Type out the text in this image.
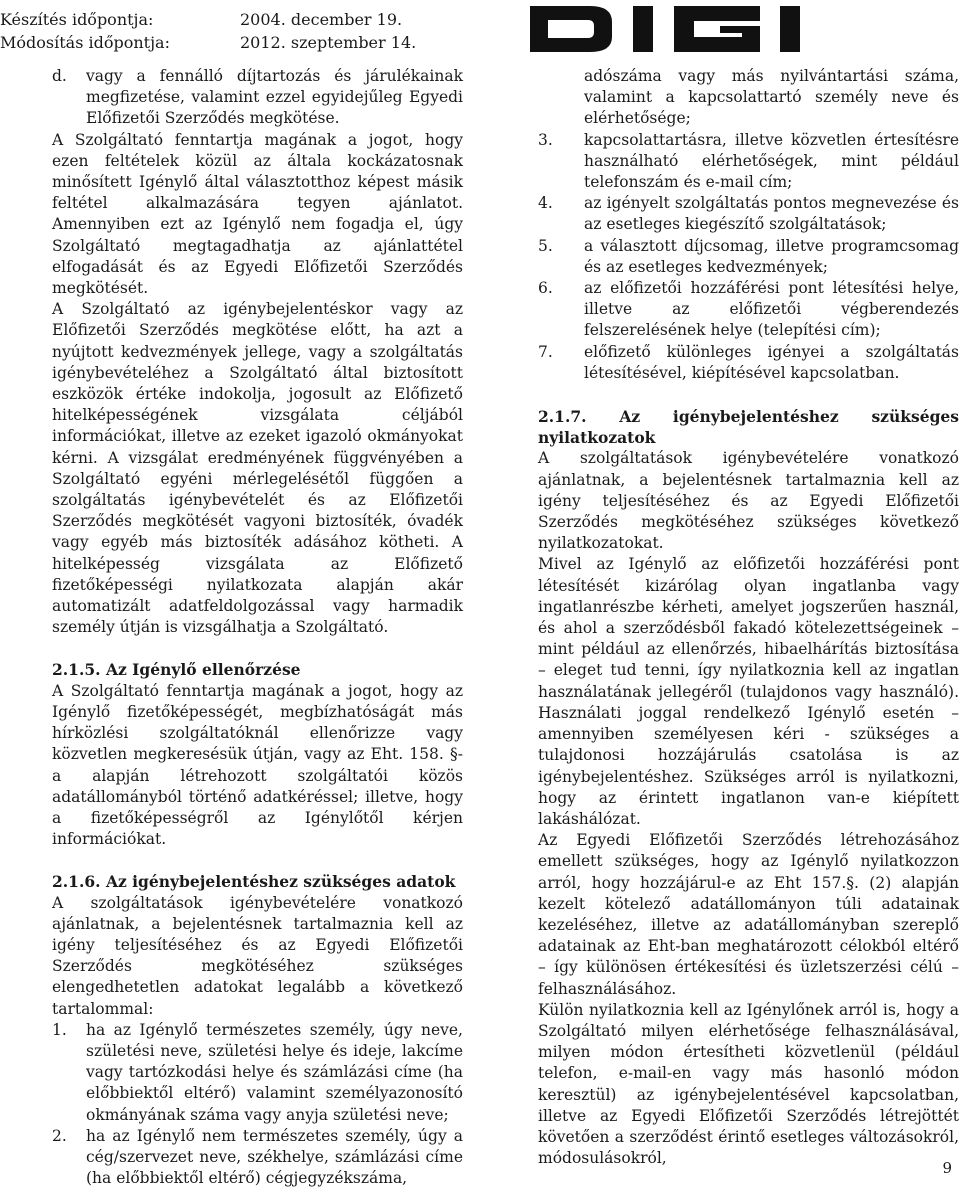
Készítés időpontja:	2004. december 19.
Módosítás időpontja:	2012. szeptember 14.
d. vagy a fennálló díjtartozás és járulékainak megfizetése, valamint ezzel egyidejűleg Egyedi Előfizetői Szerződés megkötése.

A Szolgáltató fenntartja magának a jogot, hogy ezen feltételek közül az általa kockázatosnak minősített Igénylő által választotthoz képest másik feltétel alkalmazására tegyen ajánlatot. Amennyiben ezt az Igénylő nem fogadja el, úgy Szolgáltató megtagadhatja az ajánlattétel elfogadását és az Egyedi Előfizetői Szerződés megkötését.

A Szolgáltató az igénybejelentéskor vagy az Előfizetői Szerződés megkötése előtt, ha azt a nyújtott kedvezmények jellege, vagy a szolgáltatás igénybevételéhez a Szolgáltató által biztosított eszközök értéke indokolja, jogosult az Előfizető hitelképességének vizsgálata céljából információkat, illetve az ezeket igazoló okmányokat kérni. A vizsgálat eredményének függvényében a Szolgáltató egyéni mérlegelésétől függően a szolgáltatás igénybevételét és az Előfizetői Szerződés megkötését vagyoni biztosíték, óvadék vagy egyéb más biztosíték adásához kötheti. A hitelképesség vizsgálata az Előfizető fizetőképességi nyilatkozata alapján akár automatizált adatfeldolgozással vagy harmadik személy útján is vizsgálhatja a Szolgáltató.

2.1.5. Az Igénylő ellenőrzése

A Szolgáltató fenntartja magának a jogot, hogy az Igénylő fizetőképességét, megbízhatóságát más hírközlési szolgáltatóknál ellenőrizze vagy közvetlen megkeresésük útján, vagy az Eht. 158. §-a alapján létrehozott szolgáltatói közös adatállományból történő adatkéréssel; illetve, hogy a fizetőképességről az Igénylőtől kérjen információkat.

2.1.6. Az igénybejelentéshez szükséges adatok

A szolgáltatások igénybevételére vonatkozó ajánlatnak, a bejelentésnek tartalmaznia kell az igény teljesítéséhez és az Egyedi Előfizetői Szerződés megkötéséhez szükséges elengedhetetlen adatokat legalább a következő tartalommal:

1. ha az Igénylő természetes személy, úgy neve, születési neve, születési helye és ideje, lakcíme vagy tartózkodási helye és számlázási címe (ha előbbiektől eltérő) valamint személyazonosító okmányának száma vagy anyja születési neve;

2. ha az Igénylő nem természetes személy, úgy a cég/szervezet neve, székhelye, számlázási címe (ha előbbiektől eltérő) cégjegyzékszáma,

adószáma vagy más nyilvántartási száma, valamint a kapcsolattartó személy neve és elérhetősége;

3. kapcsolattartásra, illetve közvetlen értesítésre használható elérhetőségek, mint például telefonszám és e-mail cím;

4. az igényelt szolgáltatás pontos megnevezése és az esetleges kiegészítő szolgáltatások;

5. a választott díjcsomag, illetve programcsomag és az esetleges kedvezmények;

6. az előfizetői hozzáférési pont létesítési helye, illetve az előfizetői végberendezés felszerelésének helye (telepítési cím);

7. előfizető különleges igényei a szolgáltatás létesítésével, kiépítésével kapcsolatban.

2.1.7. Az igénybejelentéshez szükséges nyilatkozatok

A szolgáltatások igénybevételére vonatkozó ajánlatnak, a bejelentésnek tartalmaznia kell az igény teljesítéséhez és az Egyedi Előfizetői Szerződés megkötéséhez szükséges következő nyilatkozatokat.

Mivel az Igénylő az előfizetői hozzáférési pont létesítését kizárólag olyan ingatlanba vagy ingatlanrészbe kérheti, amelyet jogszerűen használ, és ahol a szerződésből fakadó kötelezettségeinek – mint például az ellenőrzés, hibaelhárítás biztosítása – eleget tud tenni, így nyilatkoznia kell az ingatlan használatának jellegéről (tulajdonos vagy használó). Használati joggal rendelkező Igénylő esetén – amennyiben személyesen kéri - szükséges a tulajdonosi hozzájárulás csatolása is az igénybejelentéshez. Szükséges arról is nyilatkozni, hogy az érintett ingatlanon van-e kiépített lakáshálózat.

Az Egyedi Előfizetői Szerződés létrehozásához emellett szükséges, hogy az Igénylő nyilatkozzon arról, hogy hozzájárul-e az Eht 157.§. (2) alapján kezelt kötelező adatállományon túli adatainak kezeléséhez, illetve az adatállományban szereplő adatainak az Eht-ban meghatározott célokból eltérő – így különösen értékesítési és üzletszerzési célú – felhasználásához.

Külön nyilatkoznia kell az Igénylőnek arról is, hogy a Szolgáltató milyen elérhetősége felhasználásával, milyen módon értesítheti közvetlenül (például telefon, e-mail-en vagy más hasonló módon keresztül) az igénybejelentésével kapcsolatban, illetve az Egyedi Előfizetői Szerződés létrejöttét követően a szerződést érintő esetleges változásokról, módosulásokról,

9
